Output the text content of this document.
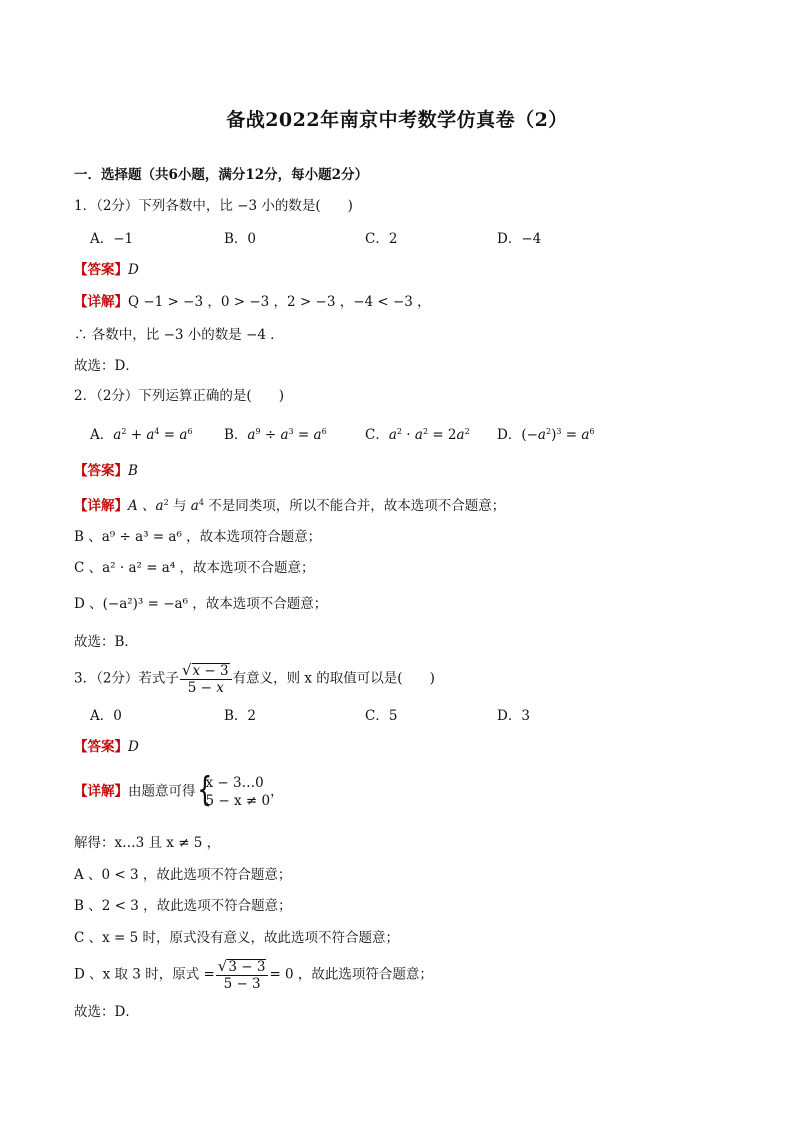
备战2022年南京中考数学仿真卷（2）
一．选择题（共6小题，满分12分，每小题2分）
1．（2分）下列各数中，比 −3 小的数是(　　)
A．−1	B．0	C．2	D．−4
【答案】D
【详解】Q −1 > −3 ，0 > −3 ，2 > −3 ，−4 < −3 ，
∴ 各数中，比 −3 小的数是 −4 ．
故选：D．
2．（2分）下列运算正确的是(　　)
A．$a^2 + a^4 = a^6$ B．$a^9 \div a^3 = a^6$	C．$a^2 \cdot a^2 = 2a^2$ D．$(-a^2)^3 = a^6$
【答案】B
【详解】A 、$a^2$ 与 $a^4$ 不是同类项，所以不能合并，故本选项不合题意；
B 、a⁹ ÷ a³ = a⁶ ，故本选项符合题意；
C 、a² · a² = a⁴ ，故本选项不合题意；
D 、(−a²)³ = −a⁶ ，故本选项不合题意；
故选：B．
3．（2分）若式子 $\frac{√x - 3}{5 - x}$ 有意义，则 x 的取值可以是(　　)
A．0	B．2	C．5	D．3
【答案】D
【详解】由题意可得 {
x − 3…0
5 − x ≠ 0
，
解得：x…3 且 x ≠ 5 ，
A 、0 < 3 ，故此选项不符合题意；
B 、2 < 3 ，故此选项不符合题意；
C 、x = 5 时，原式没有意义，故此选项不符合题意；
D 、x 取 3 时，原式 = $\frac{√3 - 3}{5 - 3} = 0$ ，故此选项符合题意；
故选：D．
